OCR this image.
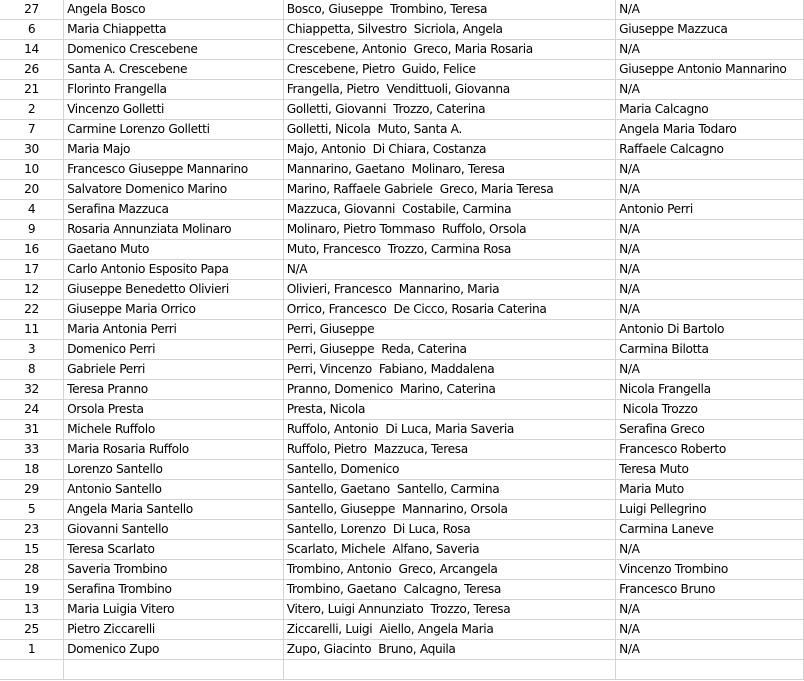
27	Angela Bosco	Bosco, Giuseppe  Trombino, Teresa	N/A
6	Maria Chiappetta	Chiappetta, Silvestro  Sicriola, Angela	Giuseppe Mazzuca
14	Domenico Crescebene	Crescebene, Antonio  Greco, Maria Rosaria	N/A
26	Santa A. Crescebene	Crescebene, Pietro  Guido, Felice	Giuseppe Antonio Mannarino
21	Florinto Frangella	Frangella, Pietro  Vendittuoli, Giovanna	N/A
2	Vincenzo Golletti	Golletti, Giovanni  Trozzo, Caterina	Maria Calcagno
7	Carmine Lorenzo Golletti	Golletti, Nicola  Muto, Santa A.	Angela Maria Todaro
30	Maria Majo	Majo, Antonio  Di Chiara, Costanza	Raffaele Calcagno
10	Francesco Giuseppe Mannarino	Mannarino, Gaetano  Molinaro, Teresa	N/A
20	Salvatore Domenico Marino	Marino, Raffaele Gabriele  Greco, Maria Teresa	N/A
4	Serafina Mazzuca	Mazzuca, Giovanni  Costabile, Carmina	Antonio Perri
9	Rosaria Annunziata Molinaro	Molinaro, Pietro Tommaso  Ruffolo, Orsola	N/A
16	Gaetano Muto	Muto, Francesco  Trozzo, Carmina Rosa	N/A
17	Carlo Antonio Esposito Papa	N/A	N/A
12	Giuseppe Benedetto Olivieri	Olivieri, Francesco  Mannarino, Maria	N/A
22	Giuseppe Maria Orrico	Orrico, Francesco  De Cicco, Rosaria Caterina	N/A
11	Maria Antonia Perri	Perri, Giuseppe	Antonio Di Bartolo
3	Domenico Perri	Perri, Giuseppe  Reda, Caterina	Carmina Bilotta
8	Gabriele Perri	Perri, Vincenzo  Fabiano, Maddalena	N/A
32	Teresa Pranno	Pranno, Domenico  Marino, Caterina	Nicola Frangella
24	Orsola Presta	Presta, Nicola	Nicola Trozzo
31	Michele Ruffolo	Ruffolo, Antonio  Di Luca, Maria Saveria	Serafina Greco
33	Maria Rosaria Ruffolo	Ruffolo, Pietro  Mazzuca, Teresa	Francesco Roberto
18	Lorenzo Santello	Santello, Domenico	Teresa Muto
29	Antonio Santello	Santello, Gaetano  Santello, Carmina	Maria Muto
5	Angela Maria Santello	Santello, Giuseppe  Mannarino, Orsola	Luigi Pellegrino
23	Giovanni Santello	Santello, Lorenzo  Di Luca, Rosa	Carmina Laneve
15	Teresa Scarlato	Scarlato, Michele  Alfano, Saveria	N/A
28	Saveria Trombino	Trombino, Antonio  Greco, Arcangela	Vincenzo Trombino
19	Serafina Trombino	Trombino, Gaetano  Calcagno, Teresa	Francesco Bruno
13	Maria Luigia Vitero	Vitero, Luigi Annunziato  Trozzo, Teresa	N/A
25	Pietro Ziccarelli	Ziccarelli, Luigi  Aiello, Angela Maria	N/A
1	Domenico Zupo	Zupo, Giacinto  Bruno, Aquila	N/A
